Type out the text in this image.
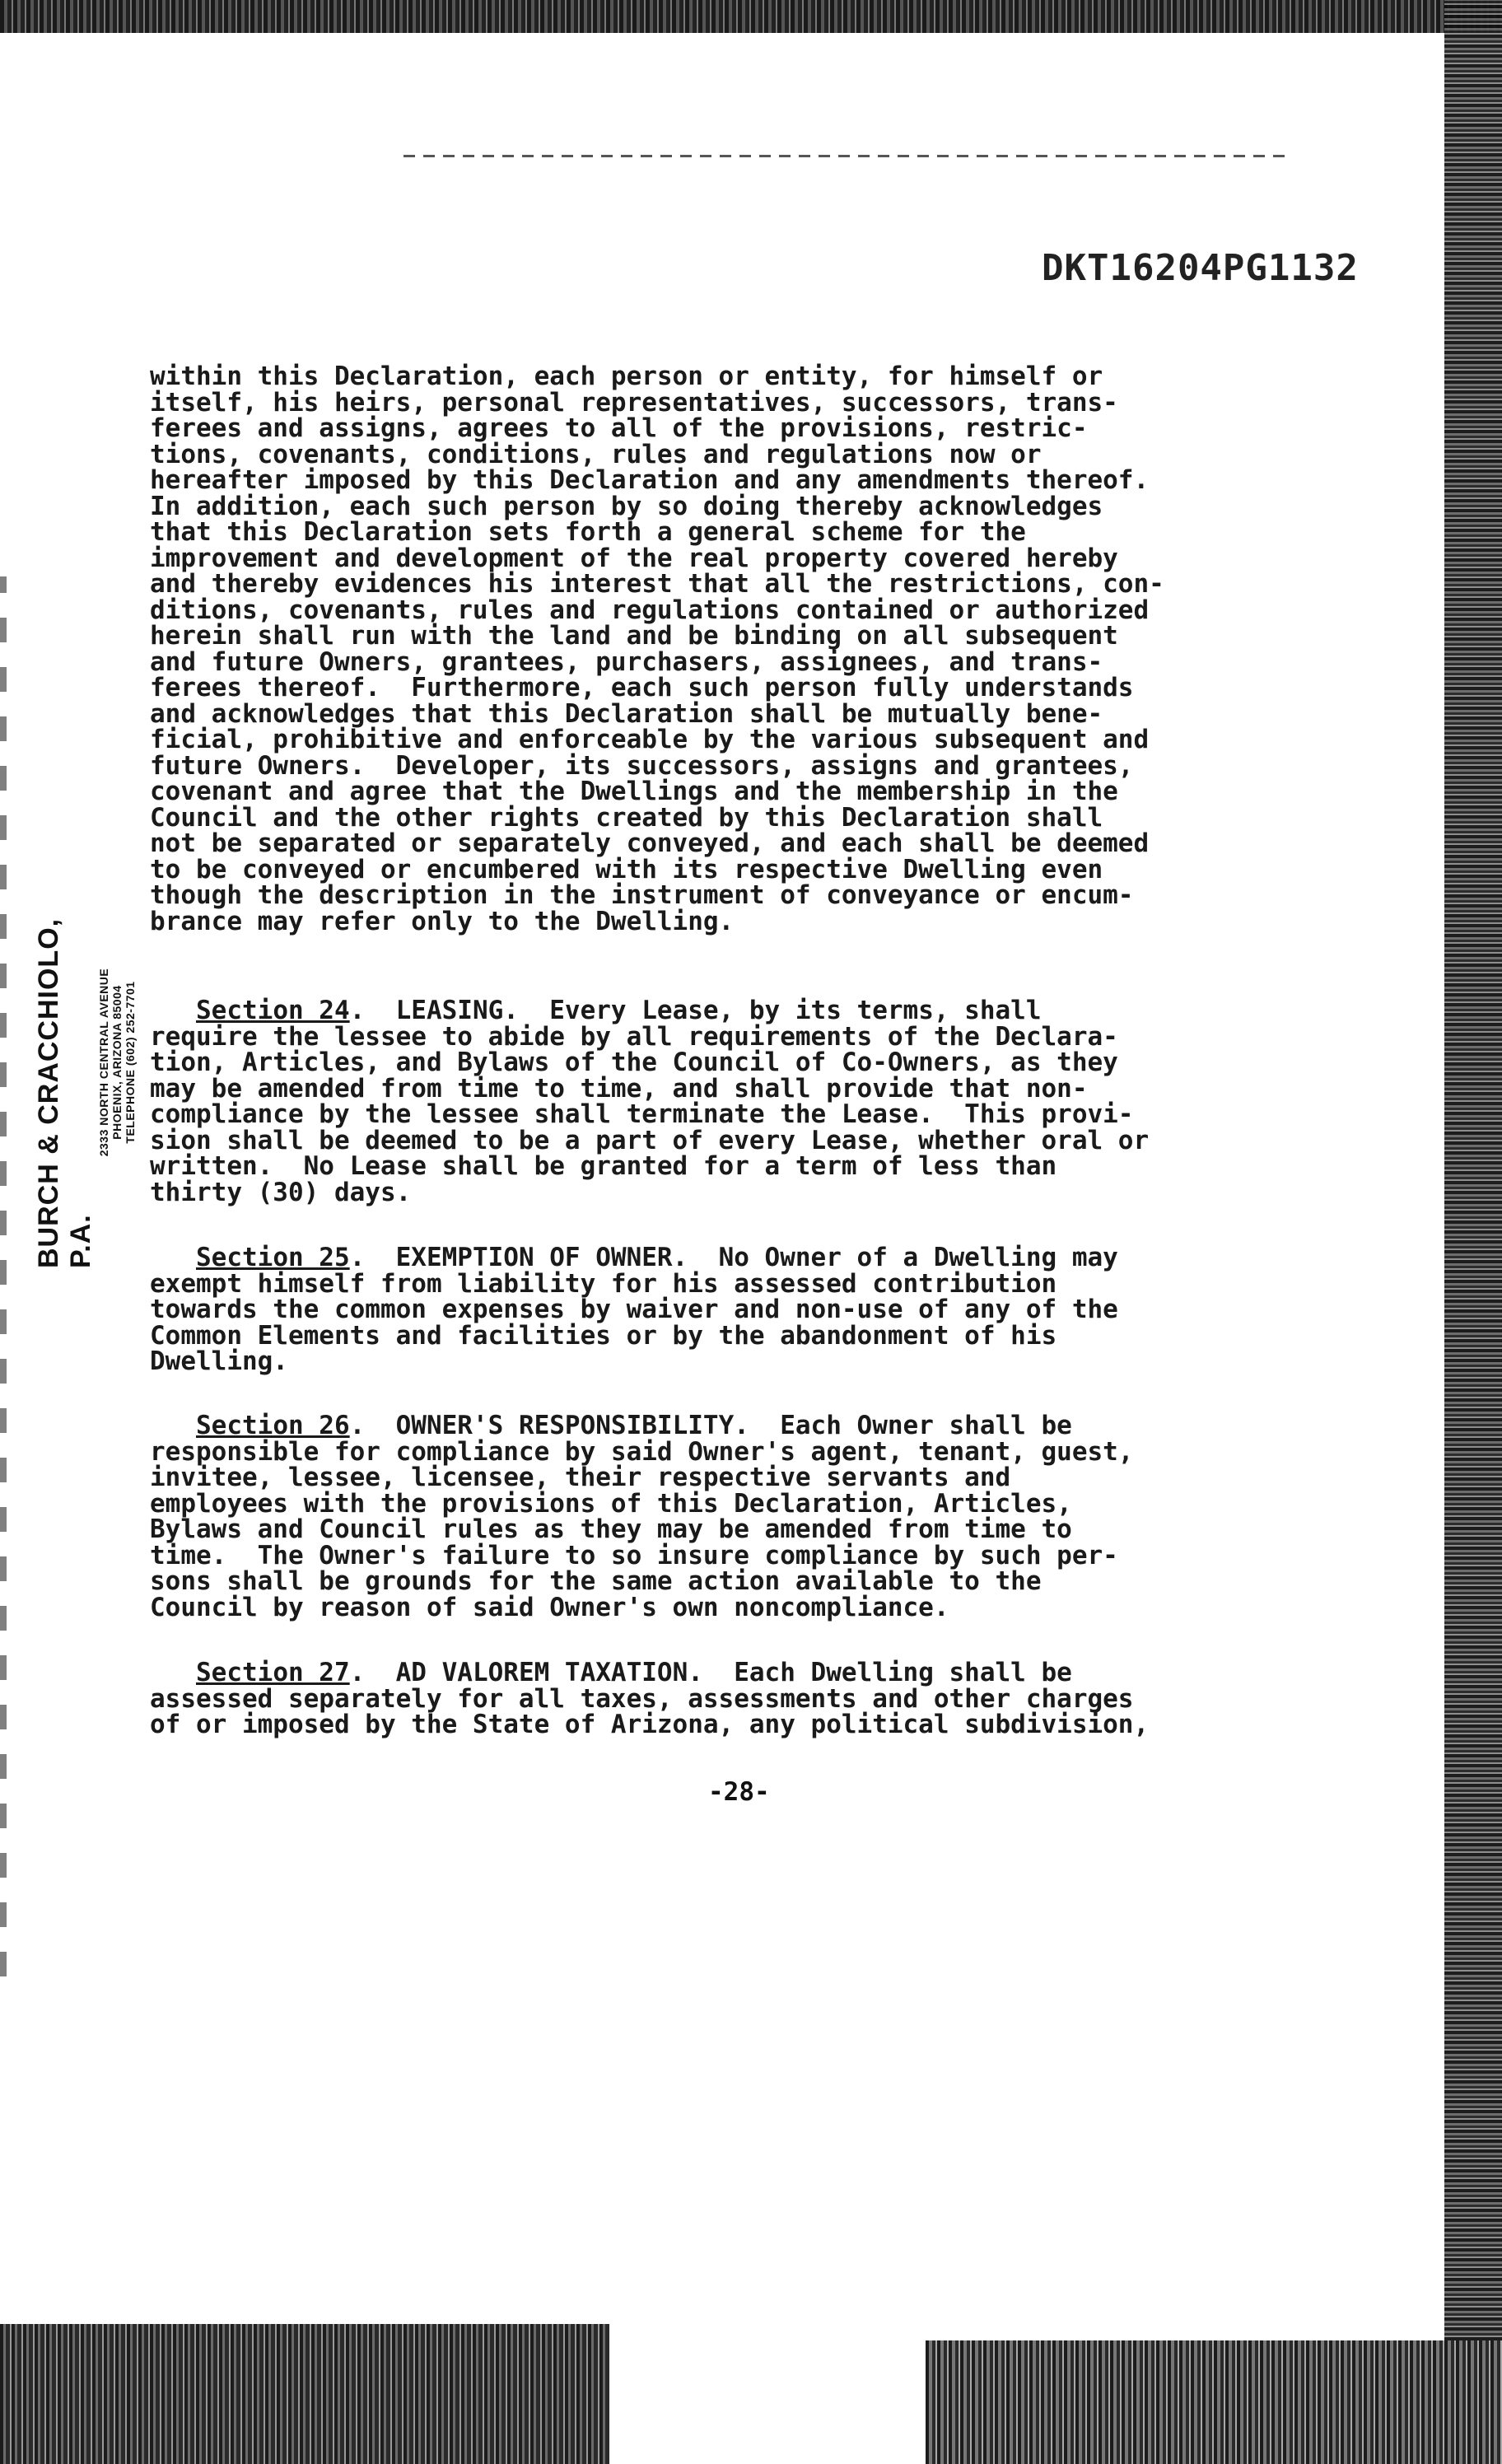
DKT16204PG1132
BURCH & CRACCHIOLO, P.A.
2333 NORTH CENTRAL AVENUE PHOENIX, ARIZONA 85004 TELEPHONE (602) 252-7701
within this Declaration, each person or entity, for himself or
itself, his heirs, personal representatives, successors, trans-
ferees and assigns, agrees to all of the provisions, restric-
tions, covenants, conditions, rules and regulations now or
hereafter imposed by this Declaration and any amendments thereof.
In addition, each such person by so doing thereby acknowledges
that this Declaration sets forth a general scheme for the
improvement and development of the real property covered hereby
and thereby evidences his interest that all the restrictions, con-
ditions, covenants, rules and regulations contained or authorized
herein shall run with the land and be binding on all subsequent
and future Owners, grantees, purchasers, assignees, and trans-
ferees thereof.  Furthermore, each such person fully understands
and acknowledges that this Declaration shall be mutually bene-
ficial, prohibitive and enforceable by the various subsequent and
future Owners.  Developer, its successors, assigns and grantees,
covenant and agree that the Dwellings and the membership in the
Council and the other rights created by this Declaration shall
not be separated or separately conveyed, and each shall be deemed
to be conveyed or encumbered with its respective Dwelling even
though the description in the instrument of conveyance or encum-
brance may refer only to the Dwelling.
Section 24.  LEASING.  Every Lease, by its terms, shall
require the lessee to abide by all requirements of the Declara-
tion, Articles, and Bylaws of the Council of Co-Owners, as they
may be amended from time to time, and shall provide that non-
compliance by the lessee shall terminate the Lease.  This provi-
sion shall be deemed to be a part of every Lease, whether oral or
written.  No Lease shall be granted for a term of less than
thirty (30) days.
Section 25.  EXEMPTION OF OWNER.  No Owner of a Dwelling may
exempt himself from liability for his assessed contribution
towards the common expenses by waiver and non-use of any of the
Common Elements and facilities or by the abandonment of his
Dwelling.
Section 26.  OWNER'S RESPONSIBILITY.  Each Owner shall be
responsible for compliance by said Owner's agent, tenant, guest,
invitee, lessee, licensee, their respective servants and
employees with the provisions of this Declaration, Articles,
Bylaws and Council rules as they may be amended from time to
time.  The Owner's failure to so insure compliance by such per-
sons shall be grounds for the same action available to the
Council by reason of said Owner's own noncompliance.
Section 27.  AD VALOREM TAXATION.  Each Dwelling shall be
assessed separately for all taxes, assessments and other charges
of or imposed by the State of Arizona, any political subdivision,
-28-
